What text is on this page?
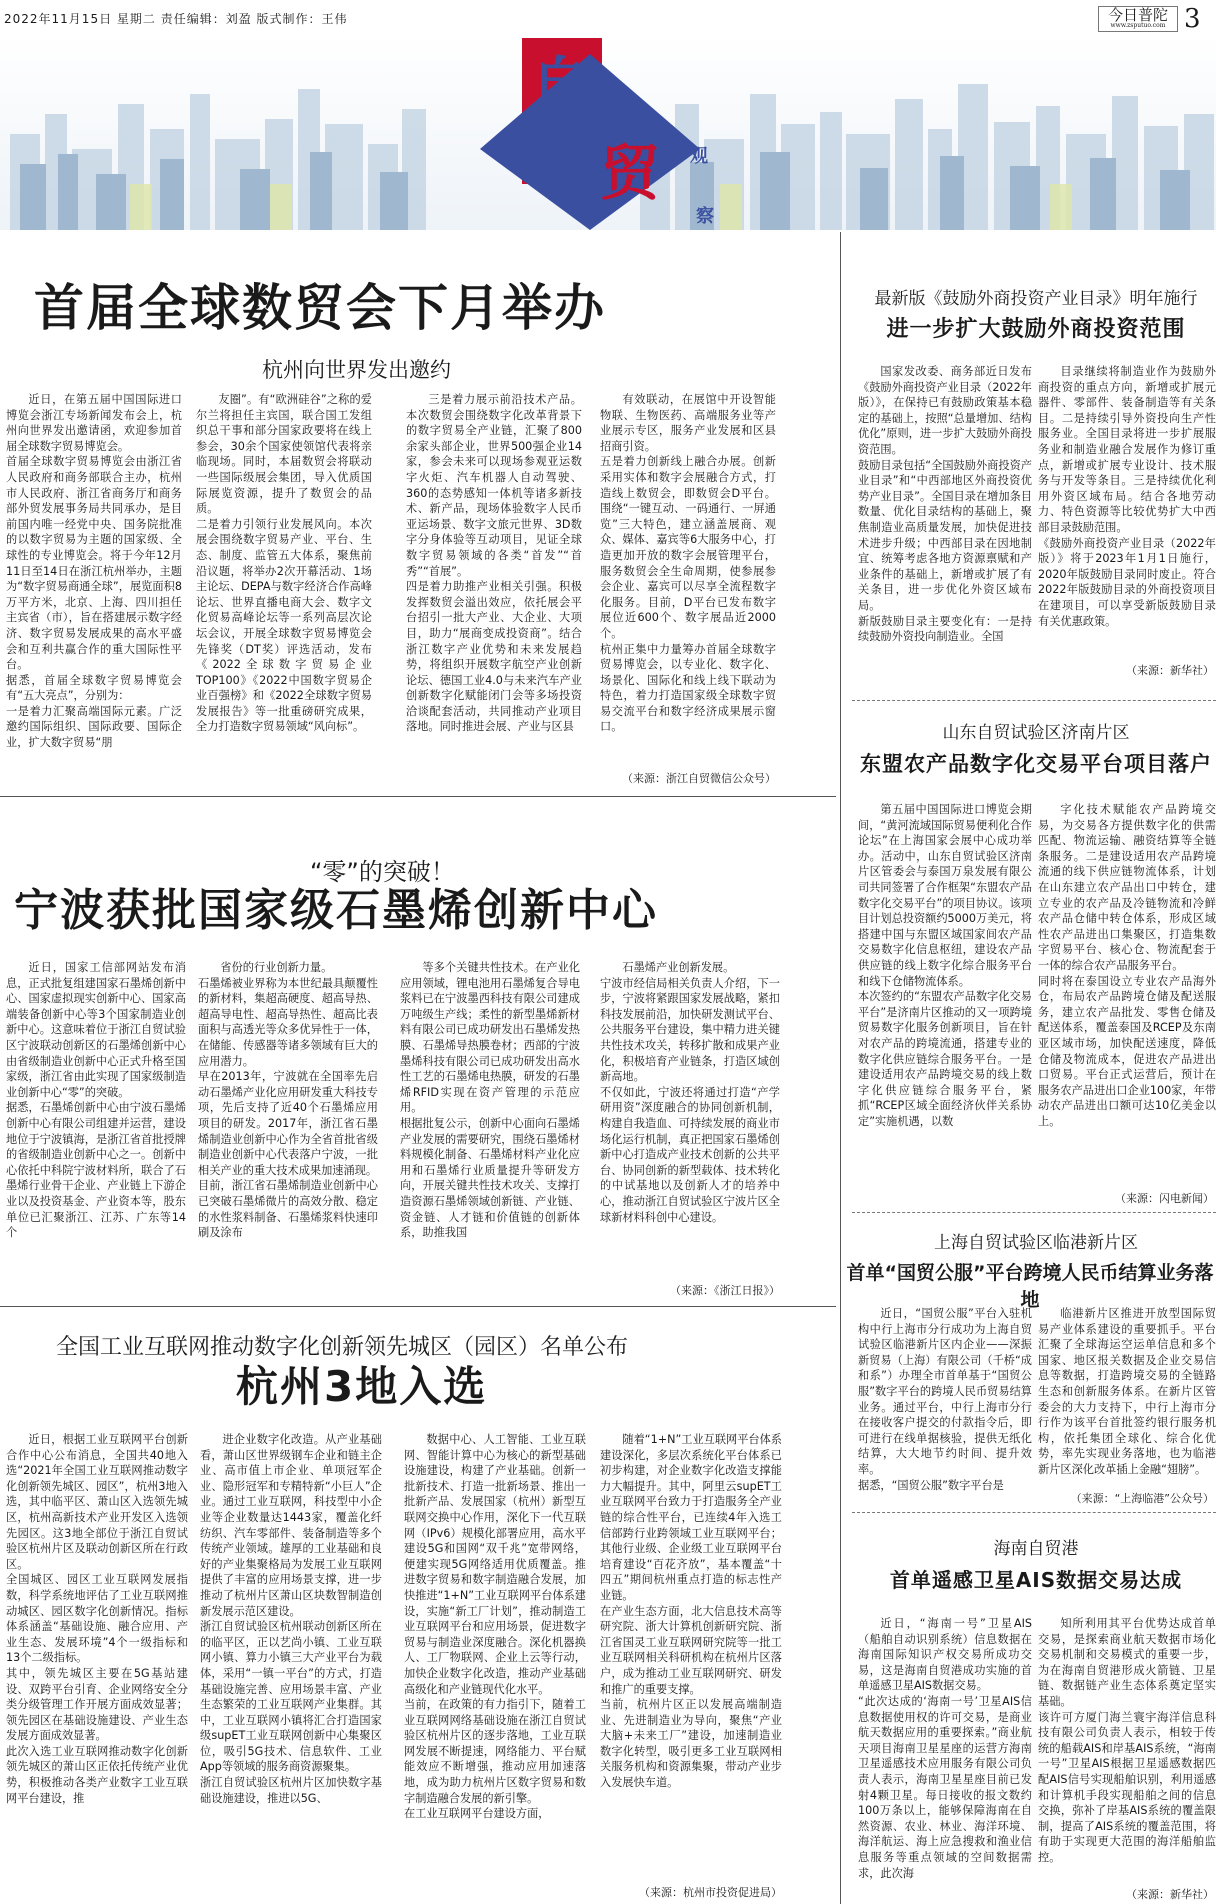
2022年11月15日 星期二 责任编辑：刘盈 版式制作：王伟	今日普陀
www.zsputuo.com 3
自
贸 观
察
首届全球数贸会下月举办
杭州向世界发出邀约

近日，在第五届中国国际进口博览会浙江专场新闻发布会上，杭州向世界发出邀请函，欢迎参加首届全球数字贸易博览会。
首届全球数字贸易博览会由浙江省人民政府和商务部联合主办，杭州市人民政府、浙江省商务厅和商务部外贸发展事务局共同承办，是目前国内唯一经党中央、国务院批准的以数字贸易为主题的国家级、全球性的专业博览会。将于今年12月11日至14日在浙江杭州举办，主题为“数字贸易商通全球”，展览面积8万平方米，北京、上海、四川担任主宾省（市），旨在搭建展示数字经济、数字贸易发展成果的高水平盛会和互利共赢合作的重大国际性平台。
据悉，首届全球数字贸易博览会有“五大亮点”，分别为：
一是着力汇聚高端国际元素。广泛邀约国际组织、国际政要、国际企业，扩大数字贸易“朋

友圈”。有“欧洲硅谷”之称的爱尔兰将担任主宾国，联合国工发组织总干事和部分国家政要将在线上参会，30余个国家使领馆代表将亲临现场。同时，本届数贸会将联动一些国际级展会集团，导入优质国际展览资源，提升了数贸会的品质。
二是着力引领行业发展风向。本次展会围绕数字贸易产业、平台、生态、制度、监管五大体系，聚焦前沿议题，将举办2次开幕活动、1场主论坛、DEPA与数字经济合作高峰论坛、世界直播电商大会、数字文化贸易高峰论坛等一系列高层次论坛会议，开展全球数字贸易博览会先锋奖（DT奖）评选活动，发布《2022全球数字贸易企业TOP100》《2022中国数字贸易企业百强榜》和《2022全球数字贸易发展报告》等一批重磅研究成果，全力打造数字贸易领域“风向标”。

三是着力展示前沿技术产品。本次数贸会围绕数字化改革背景下的数字贸易全产业链，汇聚了800余家头部企业，世界500强企业14家，参会未来可以现场参观亚运数字火炬、汽车机器人自动驾驶、360的态势感知一体机等诸多新技术、新产品，现场体验数字人民币亚运场景、数字文旅元世界、3D数字分身体验等互动项目，见证全球数字贸易领域的各类“首发”“首秀”“首展”。
四是着力助推产业相关引强。积极发挥数贸会溢出效应，依托展会平台招引一批大产业、大企业、大项目，助力“展商变成投资商”。结合浙江数字产业优势和未来发展趋势，将组织开展数字航空产业创新论坛、德国工业4.0与未来汽车产业创新数字化赋能闭门会等多场投资洽谈配套活动，共同推动产业项目落地。同时推进会展、产业与区县

有效联动，在展馆中开设智能物联、生物医药、高端服务业等产业展示专区，服务产业发展和区县招商引资。
五是着力创新线上融合办展。创新采用实体和数字会展融合方式，打造线上数贸会，即数贸会D平台。围绕“一键互动、一码通行、一屏通览”三大特色，建立涵盖展商、观众、媒体、嘉宾等6大服务中心，打造更加开放的数字会展管理平台，服务数贸会全生命周期，使参展参会企业、嘉宾可以尽享全流程数字化服务。目前，D平台已发布数字展位近600个、数字展品近2000个。
杭州正集中力量筹办首届全球数字贸易博览会，以专业化、数字化、场景化、国际化和线上线下联动为特色，着力打造国家级全球数字贸易交流平台和数字经济成果展示窗口。

（来源：浙江自贸微信公众号）
“零”的突破！
宁波获批国家级石墨烯创新中心

近日，国家工信部网站发布消息，正式批复组建国家石墨烯创新中心、国家虚拟现实创新中心、国家高端装备创新中心等3个国家制造业创新中心。这意味着位于浙江自贸试验区宁波联动创新区的石墨烯创新中心由省级制造业创新中心正式升格至国家级，浙江省由此实现了国家级制造业创新中心“零”的突破。
据悉，石墨烯创新中心由宁波石墨烯创新中心有限公司组建并运营，建设地位于宁波镇海，是浙江省首批授牌的省级制造业创新中心之一。创新中心依托中科院宁波材料所，联合了石墨烯行业骨干企业、产业链上下游企业以及投资基金、产业资本等，股东单位已汇聚浙江、江苏、广东等14个

省份的行业创新力量。
石墨烯被业界称为本世纪最具颠覆性的新材料，集超高硬度、超高导热、超高导电性、超高导热性、超高比表面积与高透光等众多优异性于一体，在储能、传感器等诸多领域有巨大的应用潜力。
早在2013年，宁波就在全国率先启动石墨烯产业化应用研发重大科技专项，先后支持了近40个石墨烯应用项目的研发。2017年，浙江省石墨烯制造业创新中心作为全省首批省级制造业创新中心代表落户宁波，一批相关产业的重大技术成果加速涌现。
目前，浙江省石墨烯制造业创新中心已突破石墨烯微片的高效分散、稳定的水性浆料制备、石墨烯浆料快速印刷及涂布

等多个关键共性技术。在产业化应用领域，锂电池用石墨烯复合导电浆料已在宁波墨西科技有限公司建成万吨级生产线；柔性的新型墨烯新材料有限公司已成功研发出石墨烯发热膜、石墨烯导热膜卷材；西部的宁波墨烯科技有限公司已成功研发出高水性工艺的石墨烯电热膜，研发的石墨烯RFID实现在资产管理的示范应用。
根据批复公示，创新中心面向石墨烯产业发展的需要研究，围绕石墨烯材料规模化制备、石墨烯材料产业化应用和石墨烯行业质量提升等研发方向，开展关键共性技术攻关、支撑打造资源石墨烯领域创新链、产业链、资金链、人才链和价值链的创新体系，助推我国

石墨烯产业创新发展。
宁波市经信局相关负责人介绍，下一步，宁波将紧跟国家发展战略，紧扣科技发展前沿，加快研发测试平台、公共服务平台建设，集中精力进关键共性技术攻关，转移扩散和成果产业化，积极培育产业链条，打造区域创新高地。
不仅如此，宁波还将通过打造“产学研用资”深度融合的协同创新机制，构建自我造血、可持续发展的商业市场化运行机制，真正把国家石墨烯创新中心打造成产业技术创新的公共平台、协同创新的新型载体、技术转化的中试基地以及创新人才的培养中心，推动浙江自贸试验区宁波片区全球新材料科创中心建设。

（来源：《浙江日报》）
全国工业互联网推动数字化创新领先城区（园区）名单公布
杭州3地入选

近日，根据工业互联网平台创新合作中心公布消息，全国共40地入选“2021年全国工业互联网推动数字化创新领先城区、园区”，杭州3地入选，其中临平区、萧山区入选领先城区，杭州高新技术产业开发区入选领先园区。这3地全部位于浙江自贸试验区杭州片区及联动创新区所在行政区。
全国城区、园区工业互联网发展指数，科学系统地评估了工业互联网推动城区、园区数字化创新情况。指标体系涵盖“基础设施、融合应用、产业生态、发展环境”4个一级指标和13个二级指标。
其中，领先城区主要在5G基站建设、双跨平台引育、企业网络安全分类分级管理工作开展方面成效显著；领先园区在基础设施建设、产业生态发展方面成效显著。
此次入选工业互联网推动数字化创新领先城区的萧山区正依托传统产业优势，积极推动各类产业数字工业互联网平台建设，推

进企业数字化改造。从产业基础看，萧山区世界级钢车企业和链主企业、高市值上市企业、单项冠军企业、隐形冠军和专精特新“小巨人”企业。通过工业互联网，科技型中小企业等企业数量达1443家，覆盖化纤纺织、汽车零部件、装备制造等多个传统产业领域。雄厚的工业基础和良好的产业集聚格局为发展工业互联网提供了丰富的应用场景支撑，进一步推动了杭州片区萧山区块数智制造创新发展示范区建设。
浙江自贸试验区杭州联动创新区所在的临平区，正以艺尚小镇、工业互联网小镇、算力小镇三大产业平台为载体，采用“一镇一平台”的方式，打造基础设施完善、应用场景丰富、产业生态繁荣的工业互联网产业集群。其中，工业互联网小镇将汇合打造国家级supET工业互联网创新中心集聚区位，吸引5G技术、信息软件、工业App等领域的服务商资源聚集。
浙江自贸试验区杭州片区加快数字基础设施建设，推进以5G、

数据中心、人工智能、工业互联网、智能计算中心为核心的新型基础设施建设，构建了产业基础。创新一批新技术、打造一批新场景、推出一批新产品、发展国家（杭州）新型互联网交换中心作用，深化下一代互联网（IPv6）规模化部署应用，高水平建设5G和国网“双千兆”宽带网络，便建实现5G网络适用优质覆盖。推进数字贸易和数字制造融合发展，加快推进“1+N”工业互联网平台体系建设，实施“新工厂计划”，推动制造工业互联网平台和应用场景，促进数字贸易与制造业深度融合。深化机器换人、工厂物联网、企业上云等行动，加快企业数字化改造，推动产业基础高级化和产业链现代化水平。
当前，在政策的有力指引下，随着工业互联网网络基础设施在浙江自贸试验区杭州片区的逐步落地，工业互联网发展不断提速，网络能力、平台赋能效应不断增强，推动应用加速落地，成为助力杭州片区数字贸易和数字制造融合发展的新引擎。
在工业互联网平台建设方面，

随着“1+N”工业互联网平台体系建设深化，多层次系统化平台体系已初步构建，对企业数字化改造支撑能力大幅提升。其中，阿里云supET工业互联网平台致力于打造服务全产业链的综合性平台，已连续4年入选工信部跨行业跨领域工业互联网平台；其他行业级、企业级工业互联网平台培育建设“百花齐放”，基本覆盖“十四五”期间杭州重点打造的标志性产业链。
在产业生态方面，北大信息技术高等研究院、浙大计算机创新研究院、浙江省国灵工业互联网研究院等一批工业互联网相关科研机构在杭州片区落户，成为推动工业互联网研究、研发和推广的重要支撑。
当前，杭州片区正以发展高端制造业、先进制造业为导向，聚焦“产业大脑+未来工厂”建设，加速制造业数字化转型，吸引更多工业互联网相关服务机构和资源集聚，带动产业步入发展快车道。

（来源：杭州市投资促进局）
最新版《鼓励外商投资产业目录》明年施行
进一步扩大鼓励外商投资范围

国家发改委、商务部近日发布《鼓励外商投资产业目录（2022年版）》，在保持已有鼓励政策基本稳定的基础上，按照“总量增加、结构优化”原则，进一步扩大鼓励外商投资范围。
鼓励目录包括“全国鼓励外商投资产业目录”和“中西部地区外商投资优势产业目录”。全国目录在增加条目数量、优化目录结构的基础上，聚焦制造业高质量发展，加快促进技术进步升级；中西部目录在因地制宜、统筹考虑各地方资源禀赋和产业条件的基础上，新增或扩展了有关条目，进一步优化外资区域布局。
新版鼓励目录主要变化有：一是持续鼓励外资投向制造业。全国

目录继续将制造业作为鼓励外商投资的重点方向，新增或扩展元器件、零部件、装备制造等有关条目。二是持续引导外资投向生产性服务业。全国目录将进一步扩展服务业和制造业融合发展作为修订重点，新增或扩展专业设计、技术服务与开发等条目。三是持续优化利用外资区域布局。结合各地劳动力、特色资源等比较优势扩大中西部目录鼓励范围。
《鼓励外商投资产业目录（2022年版）》将于2023年1月1日施行，2020年版鼓励目录同时废止。符合2022年版鼓励目录的外商投资项目在建项目，可以享受新版鼓励目录有关优惠政策。

（来源：新华社）
山东自贸试验区济南片区
东盟农产品数字化交易平台项目落户

第五届中国国际进口博览会期间，“黄河流域国际贸易便利化合作论坛”在上海国家会展中心成功举办。活动中，山东自贸试验区济南片区管委会与泰国万泉发展有限公司共同签署了合作框架“东盟农产品数字化交易平台”的项目协议。该项目计划总投资额约5000万美元，将搭建中国与东盟区域国家间农产品交易数字化信息枢纽，建设农产品供应链的线上数字化综合服务平台和线下仓储物流体系。
本次签约的“东盟农产品数字化交易平台”是济南片区推动的又一项跨境贸易数字化服务创新项目，旨在针对农产品的跨境流通，搭建专业的数字化供应链综合服务平台。一是建设适用农产品跨境交易的线上数字化供应链综合服务平台，紧抓“RCEP区域全面经济伙伴关系协定”实施机遇，以数

字化技术赋能农产品跨境交易，为交易各方提供数字化的供需匹配、物流运输、融资结算等全链条服务。二是建设适用农产品跨境流通的线下供应链物流体系，计划在山东建立农产品出口中转仓，建立专业的农产品及冷链物流和冷鲜农产品仓储中转仓体系，形成区域性农产品进出口集聚区，打造集数字贸易平台、核心仓、物流配套于一体的综合农产品服务平台。
同时将在泰国设立专业农产品海外仓，布局农产品跨境仓储及配送服务，建立农产品批发、零售仓储及配送体系，覆盖泰国及RCEP及东南亚区域市场，加快配送速度，降低仓储及物流成本，促进农产品进出口贸易。平台正式运营后，预计在服务农产品进出口企业100家，年带动农产品进出口额可达10亿美金以上。

（来源：闪电新闻）
上海自贸试验区临港新片区
首单“国贸公服”平台跨境人民币结算业务落地

近日，“国贸公服”平台入驻机构中行上海市分行成功为上海自贸试验区临港新片区内企业——深振新贸易（上海）有限公司（千桥“成和系”）办理全市首单基于“国贸公服”数字平台的跨境人民币贸易结算业务。通过平台，中行上海市分行在接收客户提交的付款指令后，即可进行在线单据核验，提供无纸化结算，大大地节约时间、提升效率。
据悉，“国贸公服”数字平台是

临港新片区推进开放型国际贸易产业体系建设的重要抓手。平台汇聚了全球海运空运单信息和多个国家、地区报关数据及企业交易信息等数据，打造跨境交易的全链路生态和创新服务体系。在新片区管委会的大力支持下，中行上海市分行作为该平台首批签约银行服务机构，依托集团全球化、综合化优势，率先实现业务落地，也为临港新片区深化改革插上金融“翅膀”。

（来源：“上海临港”公众号）
海南自贸港
首单遥感卫星AIS数据交易达成

近日，“海南一号”卫星AIS（船舶自动识别系统）信息数据在海南国际知识产权交易所成功交易，这是海南自贸港成功实施的首单遥感卫星AIS数据交易。
“此次达成的‘海南一号’卫星AIS信息数据使用权的许可交易，是商业航天数据应用的重要探索。”商业航天项目海南卫星星座的运营方海南卫星遥感技术应用服务有限公司负责人表示，海南卫星星座目前已发射4颗卫星。每日接收的报文数约100万条以上，能够保障海南在自然资源、农业、林业、海洋环境、海洋航运、海上应急搜救和渔业信息服务等重点领域的空间数据需求，此次海

知所利用其平台优势达成首单交易，是探索商业航天数据市场化交易机制和交易模式的重要一步，为在海南自贸港形成火箭链、卫星链、数据链产业生态体系奠定坚实基础。
该许可方厦门海兰寰宇海洋信息科技有限公司负责人表示，相较于传统的船载AIS和岸基AIS系统，“海南一号”卫星AIS根据卫星遥感数据匹配AIS信号实现船舶识别，利用遥感和计算机手段实现船舶之间的信息交换，弥补了岸基AIS系统的覆盖限制，提高了AIS系统的覆盖范围，将有助于实现更大范围的海洋船舶监控。

（来源：新华社）
